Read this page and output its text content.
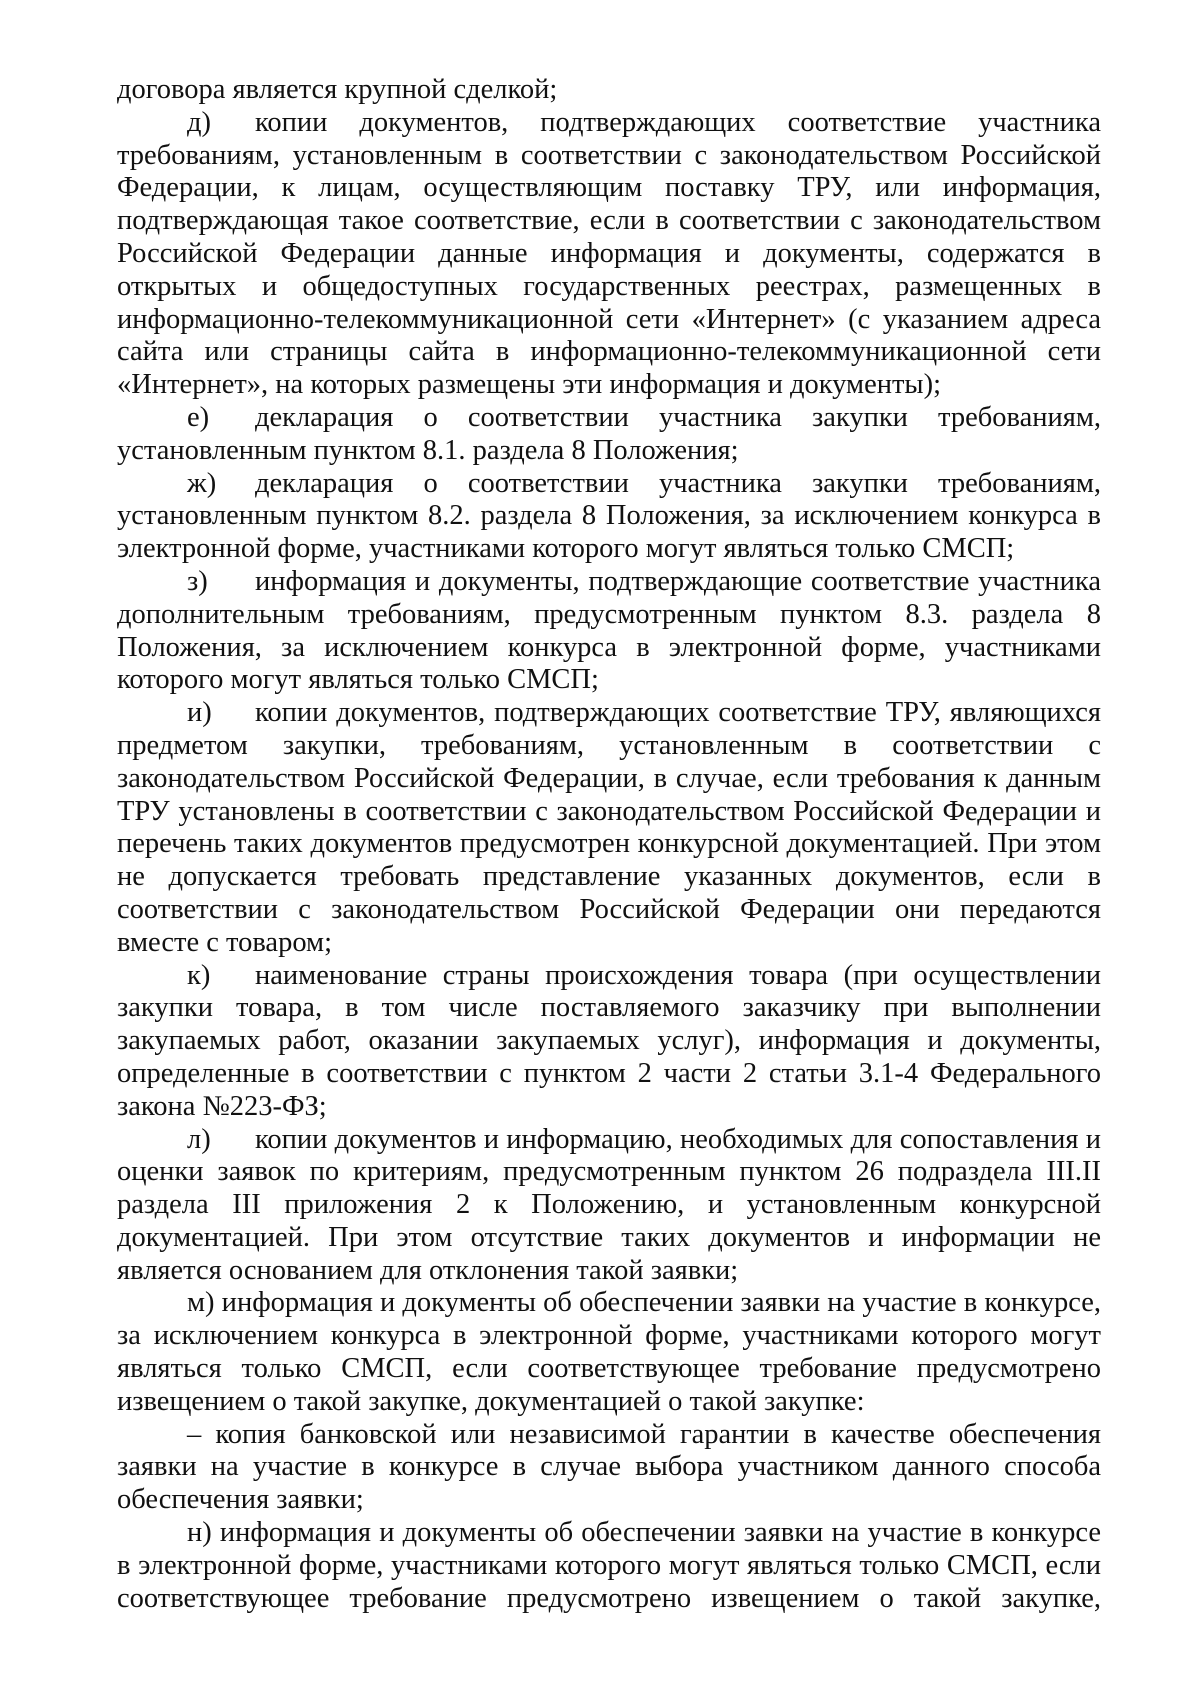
договора является крупной сделкой;

д) копии документов, подтверждающих соответствие участника требованиям, установленным в соответствии с законодательством Российской Федерации, к лицам, осуществляющим поставку ТРУ, или информация, подтверждающая такое соответствие, если в соответствии с законодательством Российской Федерации данные информация и документы, содержатся в открытых и общедоступных государственных реестрах, размещенных в информационно-телекоммуникационной сети «Интернет» (с указанием адреса сайта или страницы сайта в информационно-телекоммуникационной сети «Интернет», на которых размещены эти информация и документы);

е) декларация о соответствии участника закупки требованиям, установленным пунктом 8.1. раздела 8 Положения;

ж) декларация о соответствии участника закупки требованиям, установленным пунктом 8.2. раздела 8 Положения, за исключением конкурса в электронной форме, участниками которого могут являться только СМСП;

з) информация и документы, подтверждающие соответствие участника дополнительным требованиям, предусмотренным пунктом 8.3. раздела 8 Положения, за исключением конкурса в электронной форме, участниками которого могут являться только СМСП;

и) копии документов, подтверждающих соответствие ТРУ, являющихся предметом закупки, требованиям, установленным в соответствии с законодательством Российской Федерации, в случае, если требования к данным ТРУ установлены в соответствии с законодательством Российской Федерации и перечень таких документов предусмотрен конкурсной документацией. При этом не допускается требовать представление указанных документов, если в соответствии с законодательством Российской Федерации они передаются вместе с товаром;

к) наименование страны происхождения товара (при осуществлении закупки товара, в том числе поставляемого заказчику при выполнении закупаемых работ, оказании закупаемых услуг), информация и документы, определенные в соответствии с пунктом 2 части 2 статьи 3.1-4 Федерального закона №223-ФЗ;

л) копии документов и информацию, необходимых для сопоставления и оценки заявок по критериям, предусмотренным пунктом 26 подраздела III.II раздела III приложения 2 к Положению, и установленным конкурсной документацией. При этом отсутствие таких документов и информации не является основанием для отклонения такой заявки;

м) информация и документы об обеспечении заявки на участие в конкурсе, за исключением конкурса в электронной форме, участниками которого могут являться только СМСП, если соответствующее требование предусмотрено извещением о такой закупке, документацией о такой закупке:

– копия банковской или независимой гарантии в качестве обеспечения заявки на участие в конкурсе в случае выбора участником данного способа обеспечения заявки;

н) информация и документы об обеспечении заявки на участие в конкурсе в электронной форме, участниками которого могут являться только СМСП, если соответствующее требование предусмотрено извещением о такой закупке,
